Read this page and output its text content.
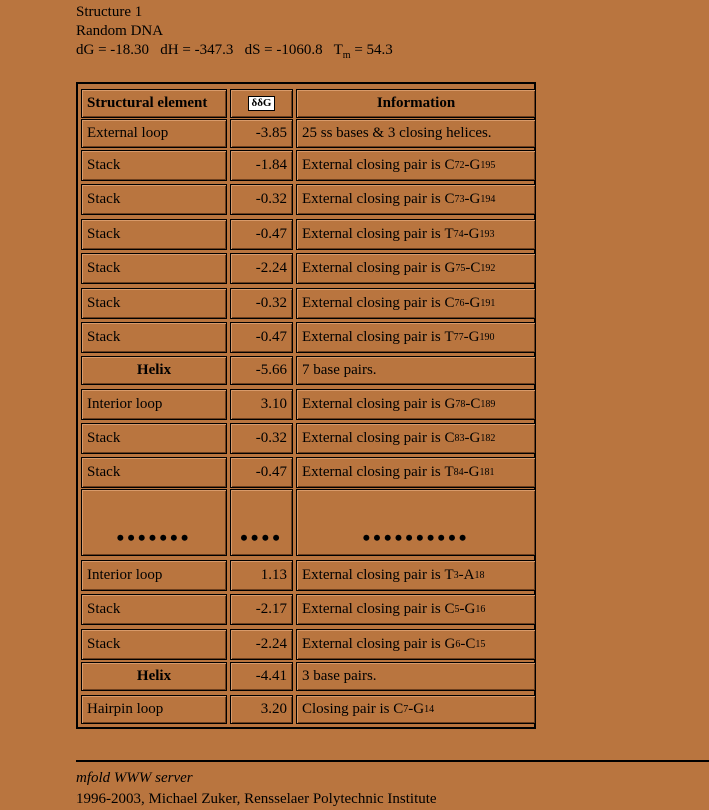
Structure 1
Random DNA
dG = -18.30 dH = -347.3 dS = -1060.8 $T_m = 54.3$
Structural element	δδG	Information
External loop	-3.85	25 ss bases & 3 closing helices.
Stack	-1.84	External closing pair is C 72 - G 195
Stack	-0.32	External closing pair is C 73 - G 194
Stack	-0.47	External closing pair is T 74 - G 193
Stack	-2.24	External closing pair is G 75 - C 192
Stack	-0.32	External closing pair is C 76 - G 191
Stack	-0.47	External closing pair is T 77 - G 190
Helix	-5.66	7 base pairs.
Interior loop	3.10	External closing pair is G 78 - C 189
Stack	-0.32	External closing pair is C 83 - G 182
Stack	-0.47	External closing pair is T 84 - G 181
•••••••	••••	••••••••••
Interior loop	1.13	External closing pair is T 3 - A 18
Stack	-2.17	External closing pair is C 5 - G 16
Stack	-2.24	External closing pair is G 6 - C 15
Helix	-4.41	3 base pairs.
Hairpin loop	3.20	Closing pair is C 7 - G 14
mfold WWW server
1996-2003, Michael Zuker, Rensselaer Polytechnic Institute
